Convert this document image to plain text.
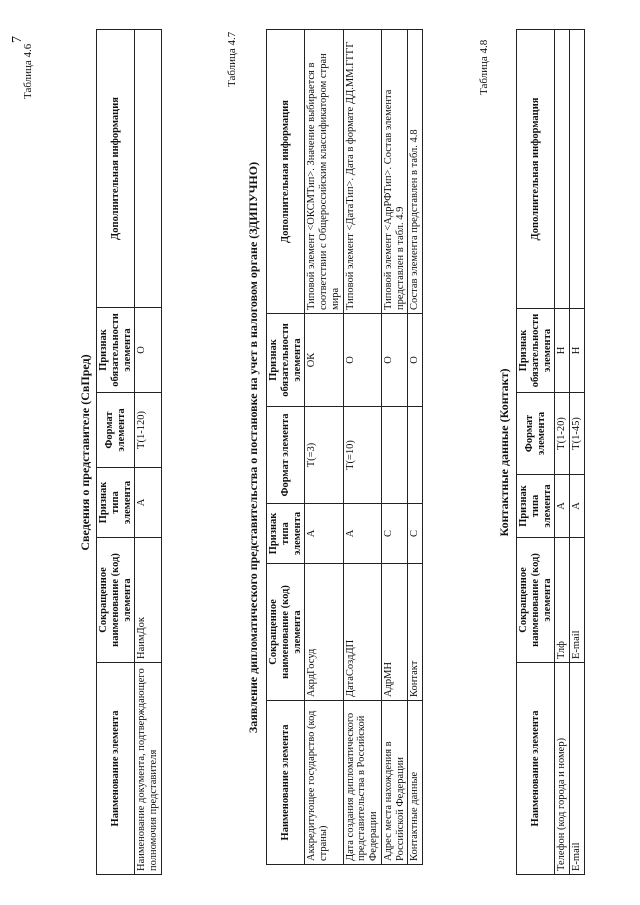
7
Таблица 4.6
Сведения о представителе (СвПред)
Наименование элемента	Сокращенное наименование (код) элемента	Признак типа элемента	Формат элемента	Признак обязательности элемента	Дополнительная информация
Наименование документа, подтверждающего полномочия представителя	НаимДок	А	Т(1-120)	О	
Таблица 4.7
Заявление дипломатического представительства о постановке на учет в налоговом органе (ЗДИПУЧНО)
Наименование элемента	Сокращенное наименование (код) элемента	Признак типа элемента	Формат элемента	Признак обязательности элемента	Дополнительная информация
Аккредитующее государство (код страны)	АкрдГосуд	А	Т(=3)	ОК	Типовой элемент <ОКСМТип>. Значение выбирается в соответствии с Общероссийским классификатором стран мира
Дата создания дипломатического представительства в Российской Федерации	ДатаСоздДП	А	Т(=10)	О	Типовой элемент <ДатаТип>. Дата в формате ДД.ММ.ГГГГ
Адрес места нахождения в Российской Федерации	АдрМН	С		О	Типовой элемент <АдрРФТип>. Состав элемента представлен в табл. 4.9
Контактные данные	Контакт	С		О	Состав элемента представлен в табл. 4.8
Таблица 4.8
Контактные данные (Контакт)
Наименование элемента	Сокращенное наименование (код) элемента	Признак типа элемента	Формат элемента	Признак обязательности элемента	Дополнительная информация
Телефон (код города и номер)	Тлф	А	Т(1-20)	Н	
E-mail	E-mail	А	Т(1-45)	Н	
